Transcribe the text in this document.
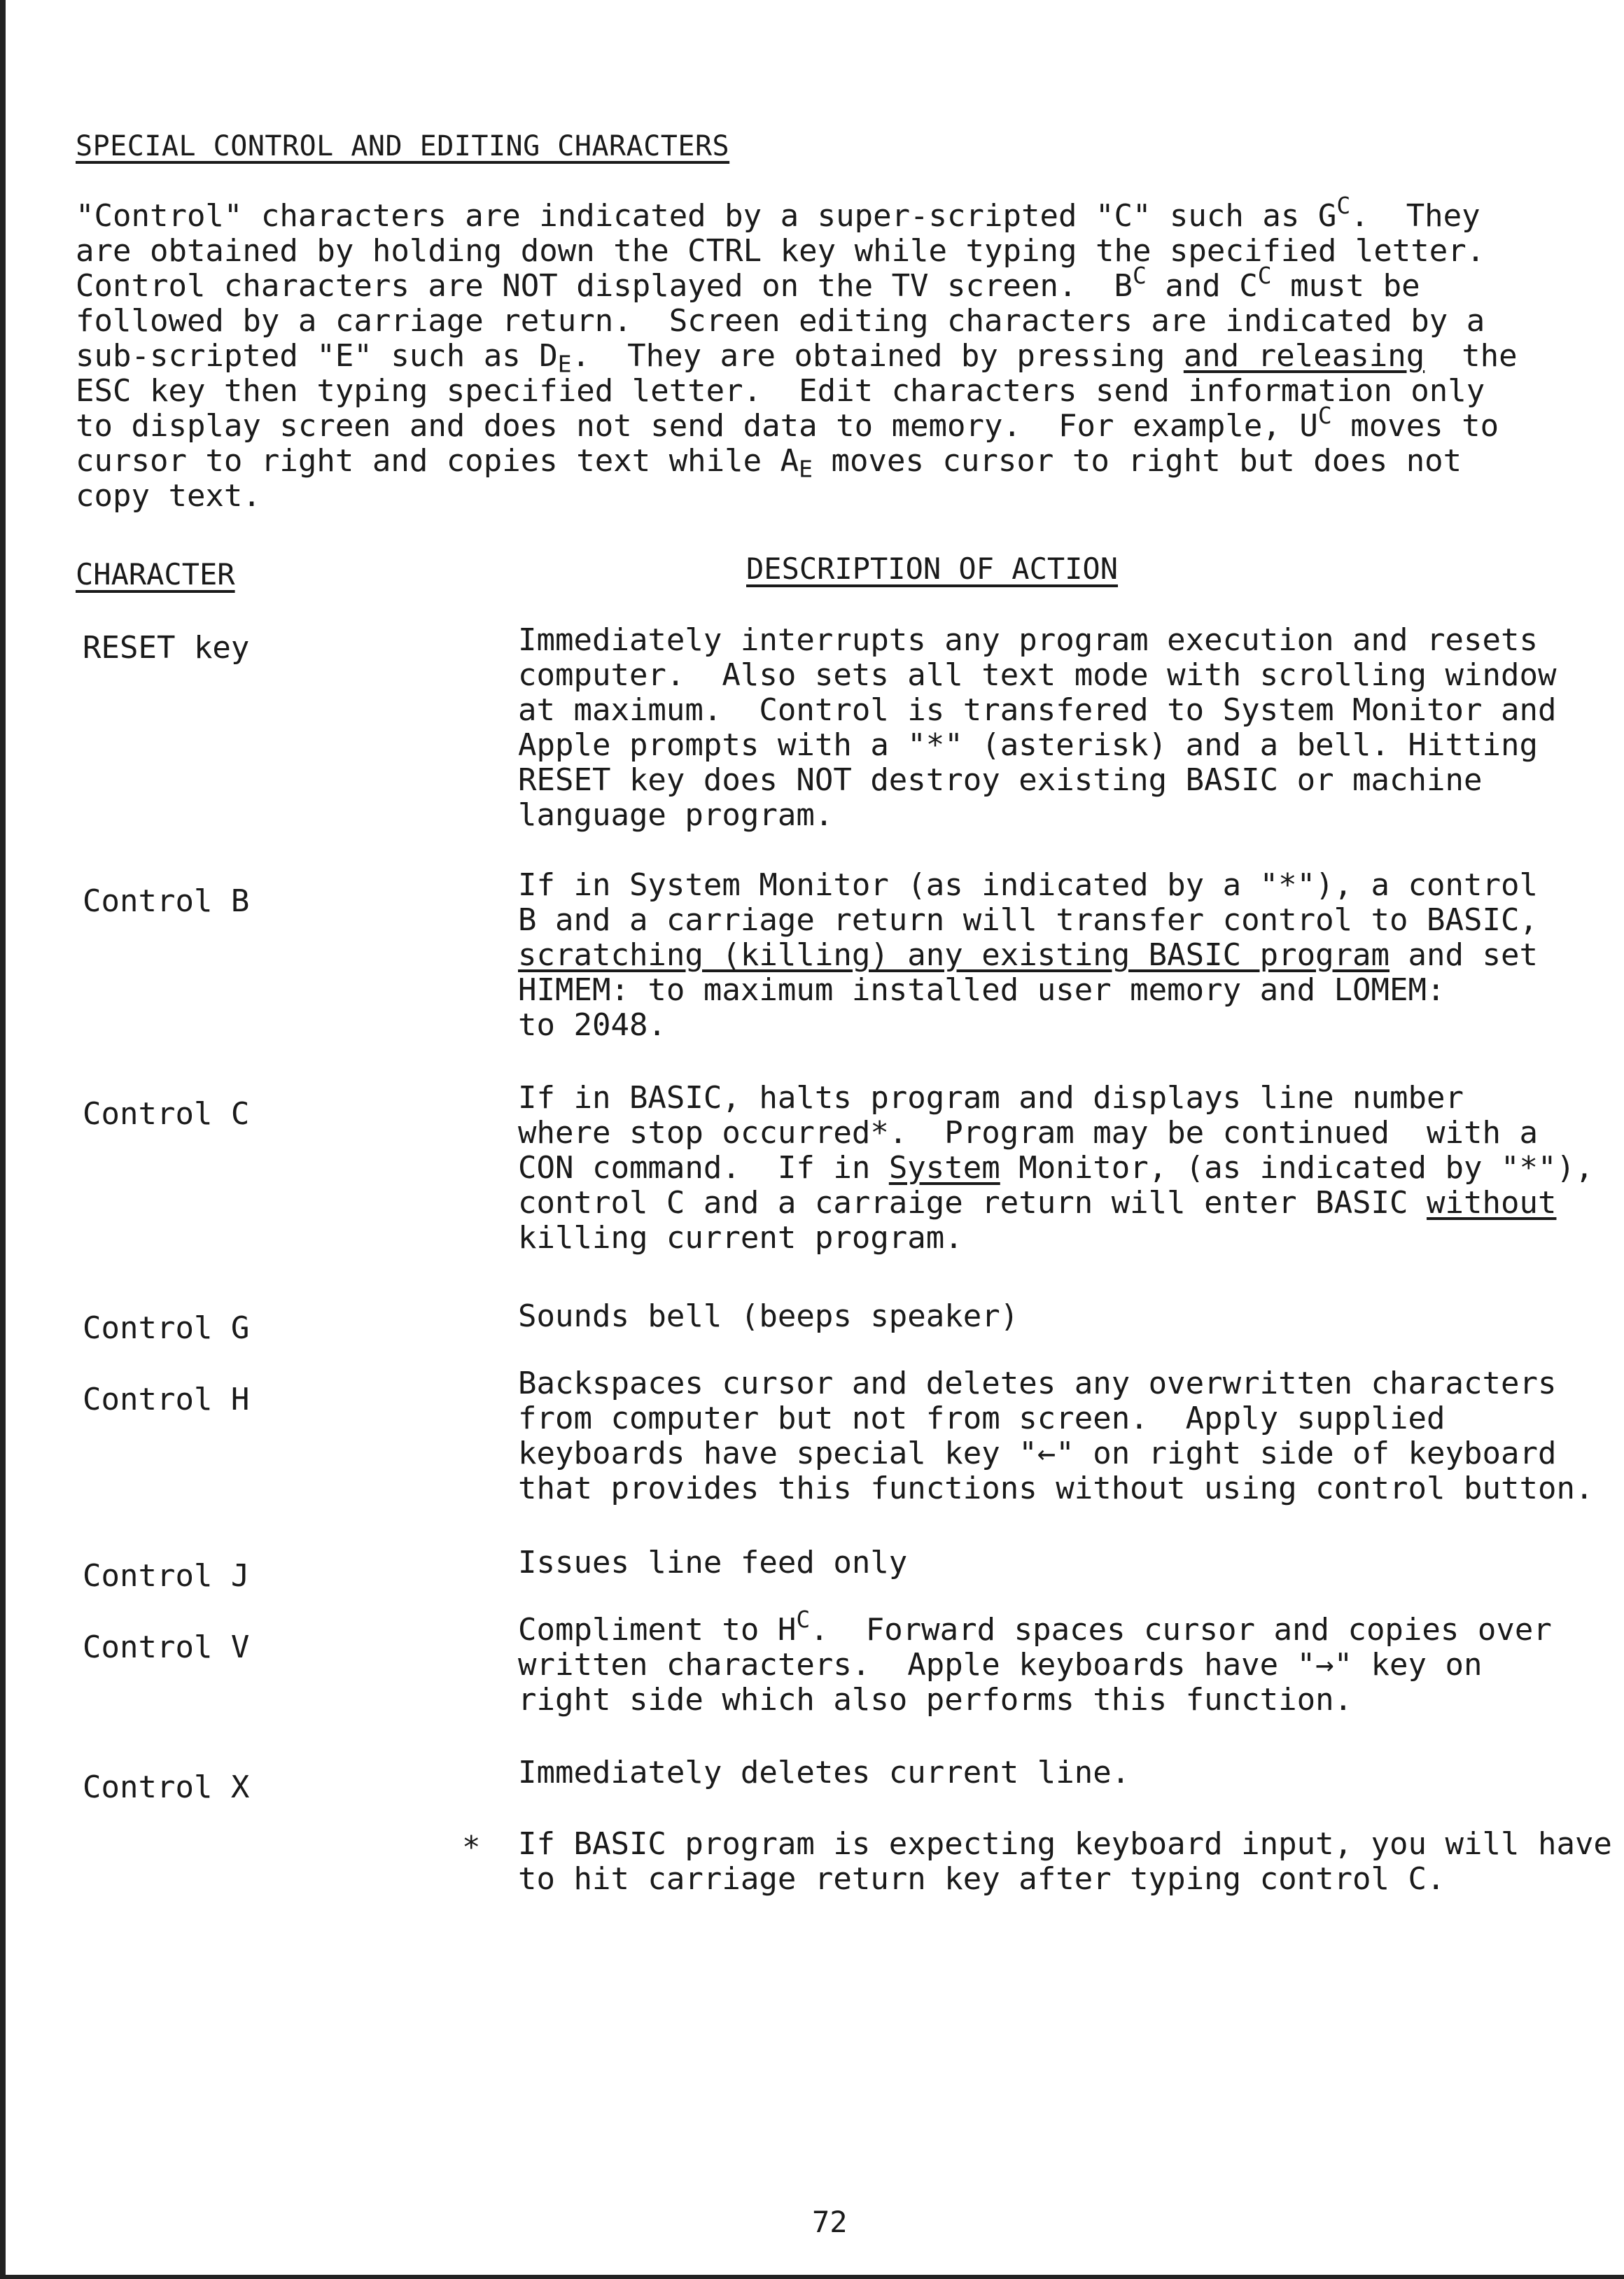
SPECIAL CONTROL AND EDITING CHARACTERS
"Control" characters are indicated by a super-scripted "C" such as $G^C$.  They
are obtained by holding down the CTRL key while typing the specified letter.
Control characters are NOT displayed on the TV screen.  $B^C$ and $C^C$ must be
followed by a carriage return.  Screen editing characters are indicated by a
sub-scripted "E" such as $D_E$.  They are obtained by pressing and releasing  the
ESC key then typing specified letter.  Edit characters send information only
to display screen and does not send data to memory.  For example, $U^C$ moves to
cursor to right and copies text while $A_E$ moves cursor to right but does not
copy text.
CHARACTER	DESCRIPTION OF ACTION
RESET key	Immediately interrupts any program execution and resets
computer.  Also sets all text mode with scrolling window
at maximum.  Control is transfered to System Monitor and
Apple prompts with a "*" (asterisk) and a bell. Hitting
RESET key does NOT destroy existing BASIC or machine
language program.
Control B	If in System Monitor (as indicated by a "*"), a control
B and a carriage return will transfer control to BASIC,
scratching (killing) any existing BASIC program and set
HIMEM: to maximum installed user memory and LOMEM:
to 2048.
Control C	If in BASIC, halts program and displays line number
where stop occurred*.  Program may be continued  with a
CON command.  If in System Monitor, (as indicated by "*"),
control C and a carraige return will enter BASIC without
killing current program.
Control G	Sounds bell (beeps speaker)
Control H	Backspaces cursor and deletes any overwritten characters
from computer but not from screen.  Apply supplied
keyboards have special key "←" on right side of keyboard
that provides this functions without using control button.
Control J	Issues line feed only
Control V	Compliment to $H^C$.  Forward spaces cursor and copies over
written characters.  Apple keyboards have "→" key on
right side which also performs this function.
Control X	Immediately deletes current line.
* If BASIC program is expecting keyboard input, you will have
to hit carriage return key after typing control C.
72
